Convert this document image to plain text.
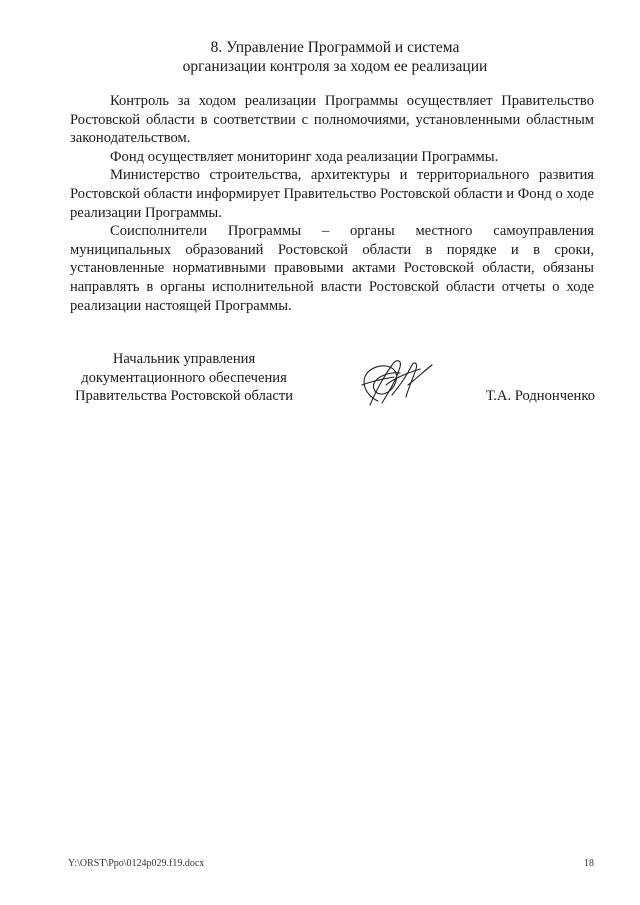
8. Управление Программой и система
организации контроля за ходом ее реализации

Контроль за ходом реализации Программы осуществляет Правительство Ростовской области в соответствии с полномочиями, установленными областным законодательством.

Фонд осуществляет мониторинг хода реализации Программы.

Министерство строительства, архитектуры и территориального развития Ростовской области информирует Правительство Ростовской области и Фонд о ходе реализации Программы.

Соисполнители Программы – органы местного самоуправления муниципальных образований Ростовской области в порядке и в сроки, установленные нормативными правовыми актами Ростовской области, обязаны направлять в органы исполнительной власти Ростовской области отчеты о ходе реализации настоящей Программы.

Начальник управления
документационного обеспечения
Правительства Ростовской области	Т.А. Роднонченко
Y:\ORST\Ppo\0124p029.f19.docx	18
